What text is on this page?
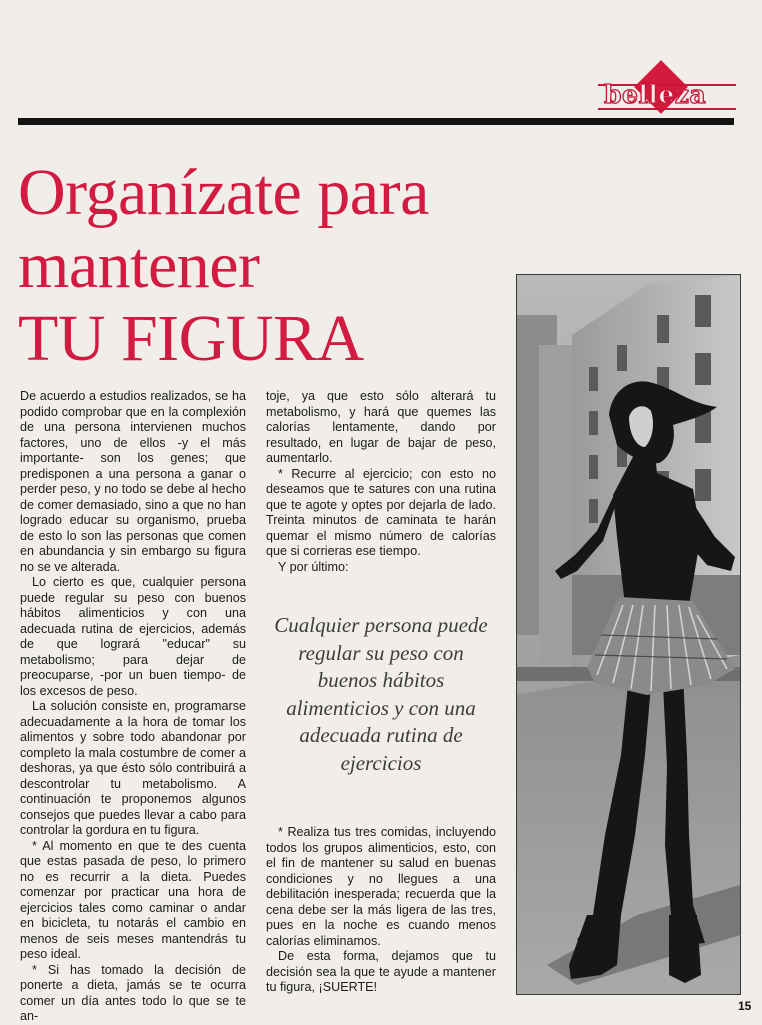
belleza
Organízate para
mantener
TU FIGURA

De acuerdo a estudios realizados, se ha podido comprobar que en la complexión de una persona intervienen muchos factores, uno de ellos -y el más importante- son los genes; que predisponen a una persona a ganar o perder peso, y no todo se debe al hecho de comer demasiado, sino a que no han logrado educar su organismo, prueba de esto lo son las personas que comen en abundancia y sin embargo su figura no se ve alterada.

Lo cierto es que, cualquier persona puede regular su peso con buenos hábitos alimenticios y con una adecuada rutina de ejercicios, además de que logrará "educar" su metabolismo; para dejar de preocuparse, -por un buen tiempo- de los excesos de peso.

La solución consiste en, programarse adecuadamente a la hora de tomar los alimentos y sobre todo abandonar por completo la mala costumbre de comer a deshoras, ya que ésto sólo contribuirá a descontrolar tu metabolismo. A continuación te proponemos algunos consejos que puedes llevar a cabo para controlar la gordura en tu figura.

* Al momento en que te des cuenta que estas pasada de peso, lo primero no es recurrir a la dieta. Puedes comenzar por practicar una hora de ejercicios tales como caminar o andar en bicicleta, tu notarás el cambio en menos de seis meses mantendrás tu peso ideal.

* Si has tomado la decisión de ponerte a dieta, jamás se te ocurra comer un día antes todo lo que se te an-

toje, ya que esto sólo alterará tu metabolismo, y hará que quemes las calorías lentamente, dando por resultado, en lugar de bajar de peso, aumentarlo.

* Recurre al ejercicio; con esto no deseamos que te satures con una rutina que te agote y optes por dejarla de lado. Treinta minutos de caminata te harán quemar el mismo número de calorías que si corrieras ese tiempo.

Y por último:

Cualquier persona puede regular su peso con buenos hábitos alimenticios y con una adecuada rutina de ejercicios

* Realiza tus tres comidas, incluyendo todos los grupos alimenticios, esto, con el fin de mantener su salud en buenas condiciones y no llegues a una debilitación inesperada; recuerda que la cena debe ser la más ligera de las tres, pues en la noche es cuando menos calorías eliminamos.

De esta forma, dejamos que tu decisión sea la que te ayude a mantener tu figura, ¡SUERTE!

15
